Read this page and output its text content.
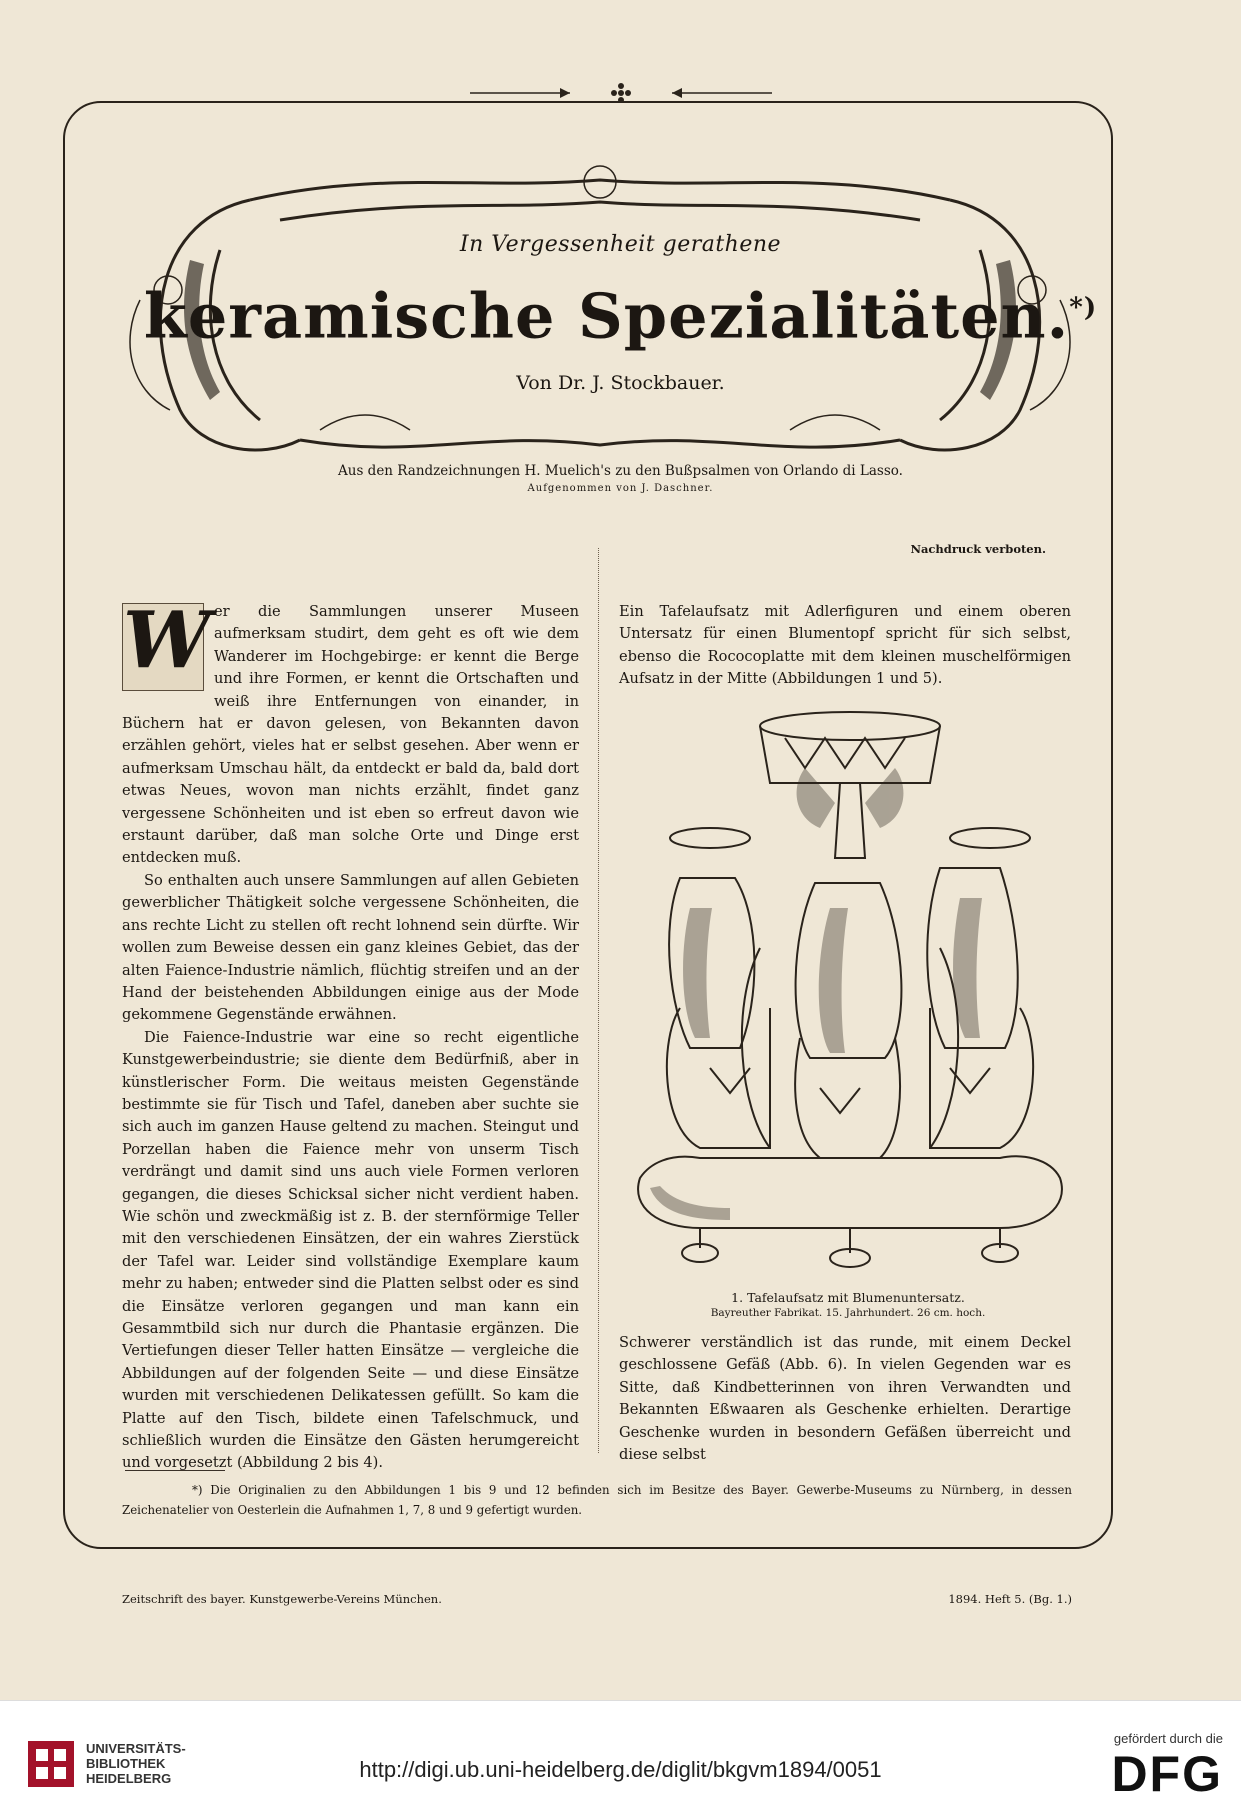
In Vergessenheit gerathene
keramische Spezialitäten.*)
Von Dr. J. Stockbauer.
Aus den Randzeichnungen H. Muelich's zu den Bußpsalmen von Orlando di Lasso.
Aufgenommen von J. Daschner.
Nachdruck verboten.

W er die Sammlungen unserer Museen aufmerksam studirt, dem geht es oft wie dem Wanderer im Hochgebirge: er kennt die Berge und ihre Formen, er kennt die Ortschaften und weiß ihre Entfernungen von einander, in Büchern hat er davon gelesen, von Bekannten davon erzählen gehört, vieles hat er selbst gesehen. Aber wenn er aufmerksam Umschau hält, da entdeckt er bald da, bald dort etwas Neues, wovon man nichts erzählt, findet ganz vergessene Schönheiten und ist eben so erfreut davon wie erstaunt darüber, daß man solche Orte und Dinge erst entdecken muß.

So enthalten auch unsere Sammlungen auf allen Gebieten gewerblicher Thätigkeit solche vergessene Schönheiten, die ans rechte Licht zu stellen oft recht lohnend sein dürfte. Wir wollen zum Beweise dessen ein ganz kleines Gebiet, das der alten Faience-Industrie nämlich, flüchtig streifen und an der Hand der beistehenden Abbildungen einige aus der Mode gekommene Gegenstände erwähnen.

Die Faience-Industrie war eine so recht eigentliche Kunstgewerbeindustrie; sie diente dem Bedürfniß, aber in künstlerischer Form. Die weitaus meisten Gegenstände bestimmte sie für Tisch und Tafel, daneben aber suchte sie sich auch im ganzen Hause geltend zu machen. Steingut und Porzellan haben die Faience mehr von unserm Tisch verdrängt und damit sind uns auch viele Formen verloren gegangen, die dieses Schicksal sicher nicht verdient haben. Wie schön und zweckmäßig ist z. B. der sternförmige Teller mit den verschiedenen Einsätzen, der ein wahres Zierstück der Tafel war. Leider sind vollständige Exemplare kaum mehr zu haben; entweder sind die Platten selbst oder es sind die Einsätze verloren gegangen und man kann ein Gesammtbild sich nur durch die Phantasie ergänzen. Die Vertiefungen dieser Teller hatten Einsätze — vergleiche die Abbildungen auf der folgenden Seite — und diese Einsätze wurden mit verschiedenen Delikatessen gefüllt. So kam die Platte auf den Tisch, bildete einen Tafelschmuck, und schließlich wurden die Einsätze den Gästen herumgereicht und vorgesetzt (Abbildung 2 bis 4).

Ein Tafelaufsatz mit Adlerfiguren und einem oberen Untersatz für einen Blumentopf spricht für sich selbst, ebenso die Rococoplatte mit dem kleinen muschelförmigen Aufsatz in der Mitte (Abbildungen 1 und 5).

1. Tafelaufsatz mit Blumenuntersatz.
Bayreuther Fabrikat. 15. Jahrhundert. 26 cm. hoch.

Schwerer verständlich ist das runde, mit einem Deckel geschlossene Gefäß (Abb. 6). In vielen Gegenden war es Sitte, daß Kindbetterinnen von ihren Verwandten und Bekannten Eßwaaren als Geschenke erhielten. Derartige Geschenke wurden in besondern Gefäßen überreicht und diese selbst

*) Die Originalien zu den Abbildungen 1 bis 9 und 12 befinden sich im Besitze des Bayer. Gewerbe-Museums zu Nürnberg, in dessen Zeichenatelier von Oesterlein die Aufnahmen 1, 7, 8 und 9 gefertigt wurden.
Zeitschrift des bayer. Kunstgewerbe-Vereins München.	1894. Heft 5. (Bg. 1.)
UNIVERSITÄTS-
BIBLIOTHEK
HEIDELBERG	http://digi.ub.uni-heidelberg.de/diglit/bkgvm1894/0051
gefördert durch die
DFG
